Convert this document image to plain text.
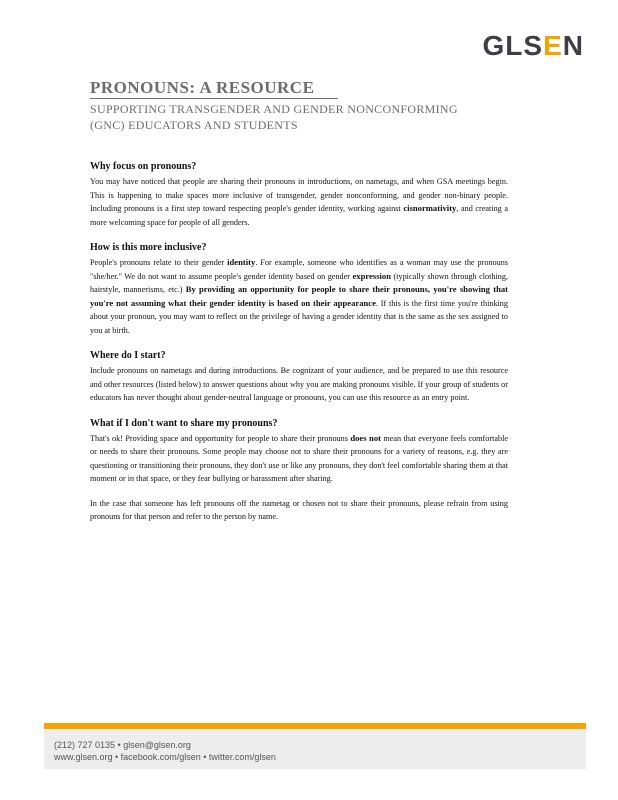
GLSEN
PRONOUNS: A RESOURCE
SUPPORTING TRANSGENDER AND GENDER NONCONFORMING
(GNC) EDUCATORS AND STUDENTS
Why focus on pronouns?

You may have noticed that people are sharing their pronouns in introductions, on nametags, and when GSA meetings begin. This is happening to make spaces more inclusive of transgender, gender nonconforming, and gender non-binary people. Including pronouns is a first step toward respecting people's gender identity, working against cisnormativity, and creating a more welcoming space for people of all genders.

How is this more inclusive?

People's pronouns relate to their gender identity. For example, someone who identifies as a woman may use the pronouns "she/her." We do not want to assume people's gender identity based on gender expression (typically shown through clothing, hairstyle, mannerisms, etc.) By providing an opportunity for people to share their pronouns, you're showing that you're not assuming what their gender identity is based on their appearance. If this is the first time you're thinking about your pronoun, you may want to reflect on the privilege of having a gender identity that is the same as the sex assigned to you at birth.

Where do I start?

Include pronouns on nametags and during introductions. Be cognizant of your audience, and be prepared to use this resource and other resources (listed below) to answer questions about why you are making pronouns visible. If your group of students or educators has never thought about gender-neutral language or pronouns, you can use this resource as an entry point.

What if I don't want to share my pronouns?

That's ok! Providing space and opportunity for people to share their pronouns does not mean that everyone feels comfortable or needs to share their pronouns. Some people may choose not to share their pronouns for a variety of reasons, e.g. they are questioning or transitioning their pronouns, they don't use or like any pronouns, they don't feel comfortable sharing them at that moment or in that space, or they fear bullying or harassment after sharing.

In the case that someone has left pronouns off the nametag or chosen not to share their pronouns, please refrain from using pronouns for that person and refer to the person by name.

(212) 727 0135 • glsen@glsen.org
www.glsen.org • facebook.com/glsen • twitter.com/glsen
